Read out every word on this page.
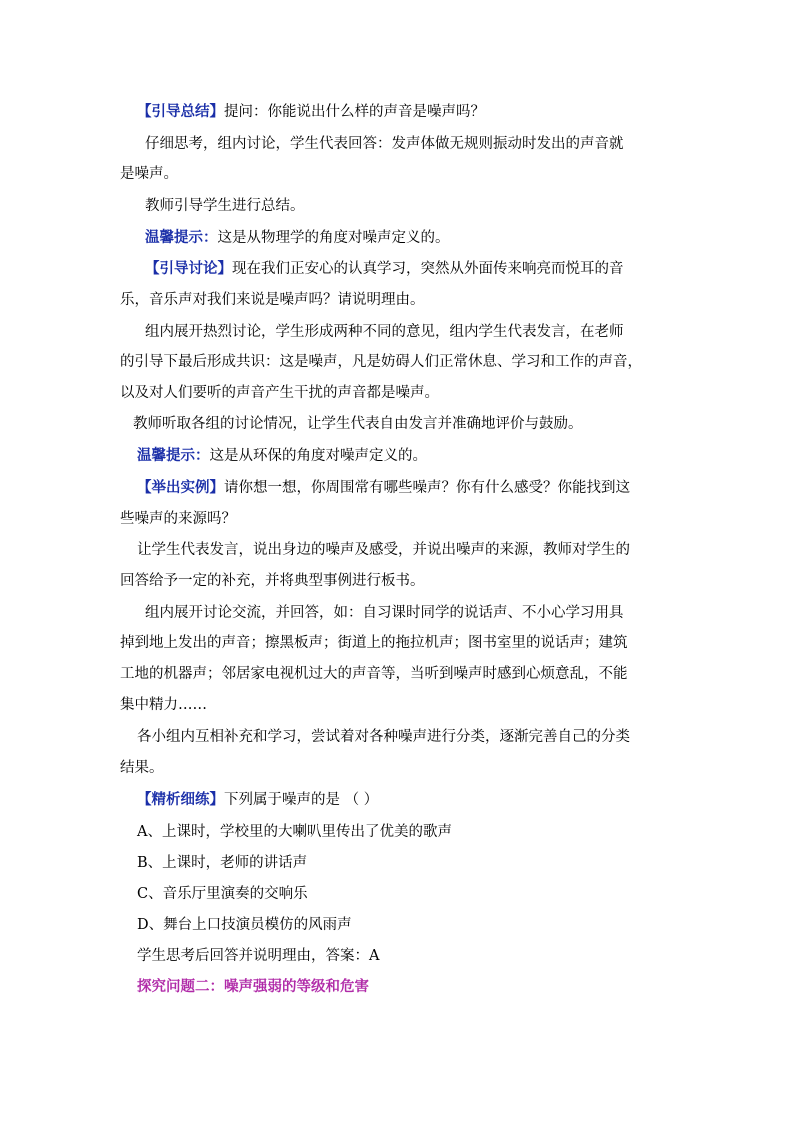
【引导总结】提问：你能说出什么样的声音是噪声吗？
仔细思考，组内讨论，学生代表回答：发声体做无规则振动时发出的声音就
是噪声。
教师引导学生进行总结。
温馨提示：这是从物理学的角度对噪声定义的。
【引导讨论】现在我们正安心的认真学习，突然从外面传来响亮而悦耳的音
乐，音乐声对我们来说是噪声吗？请说明理由。
组内展开热烈讨论，学生形成两种不同的意见，组内学生代表发言，在老师
的引导下最后形成共识：这是噪声，凡是妨碍人们正常休息、学习和工作的声音，
以及对人们要听的声音产生干扰的声音都是噪声。
教师听取各组的讨论情况，让学生代表自由发言并准确地评价与鼓励。
温馨提示：这是从环保的角度对噪声定义的。
【举出实例】请你想一想，你周围常有哪些噪声？你有什么感受？你能找到这
些噪声的来源吗？
让学生代表发言，说出身边的噪声及感受，并说出噪声的来源，教师对学生的
回答给予一定的补充，并将典型事例进行板书。
组内展开讨论交流，并回答，如：自习课时同学的说话声、不小心学习用具
掉到地上发出的声音；擦黑板声；街道上的拖拉机声；图书室里的说话声；建筑
工地的机器声；邻居家电视机过大的声音等，当听到噪声时感到心烦意乱，不能
集中精力……
各小组内互相补充和学习，尝试着对各种噪声进行分类，逐渐完善自己的分类
结果。
【精析细练】下列属于噪声的是 （ ）
A、上课时，学校里的大喇叭里传出了优美的歌声
B、上课时，老师的讲话声
C、音乐厅里演奏的交响乐
D、舞台上口技演员模仿的风雨声
学生思考后回答并说明理由，答案：A
探究问题二：噪声强弱的等级和危害
